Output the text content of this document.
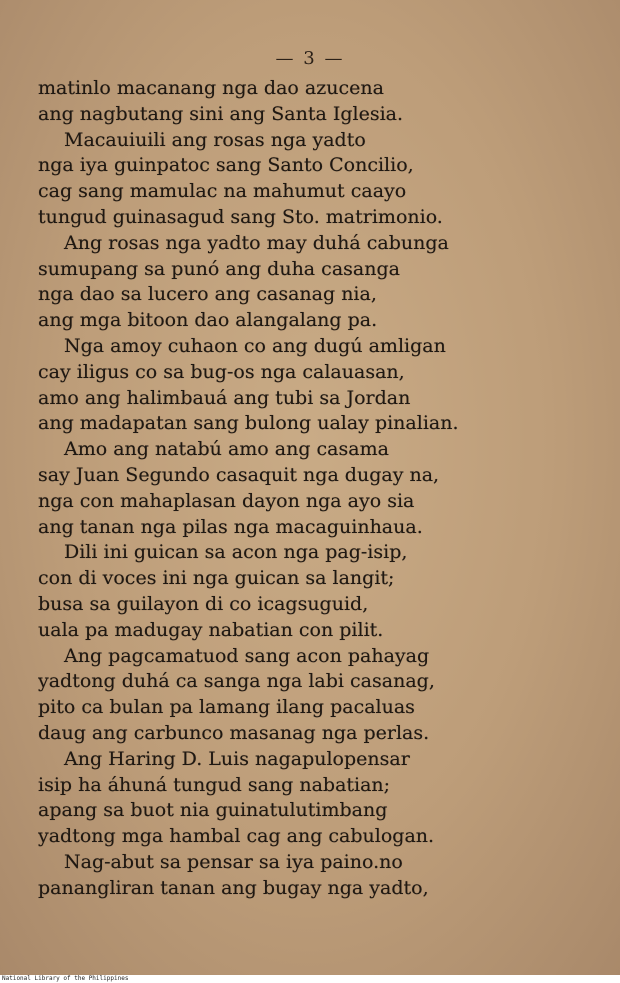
— 3 —
matinlo macanang nga dao azucena
ang nagbutang sini ang Santa Iglesia.
Macauiuili ang rosas nga yadto
nga iya guinpatoc sang Santo Concilio,
cag sang mamulac na mahumut caayo
tungud guinasagud sang Sto. matrimonio.
Ang rosas nga yadto may duhá cabunga
sumupang sa punó ang duha casanga
nga dao sa lucero ang casanag nia,
ang mga bitoon dao alangalang pa.
Nga amoy cuhaon co ang dugú amligan
cay iligus co sa bug-os nga calauasan,
amo ang halimbauá ang tubi sa Jordan
ang madapatan sang bulong ualay pinalian.
Amo ang natabú amo ang casama
say Juan Segundo casaquit nga dugay na,
nga con mahaplasan dayon nga ayo sia
ang tanan nga pilas nga macaguinhaua.
Dili ini guican sa acon nga pag-isip,
con di voces ini nga guican sa langit;
busa sa guilayon di co icagsuguid,
uala pa madugay nabatian con pilit.
Ang pagcamatuod sang acon pahayag
yadtong duhá ca sanga nga labi casanag,
pito ca bulan pa lamang ilang pacaluas
daug ang carbunco masanag nga perlas.
Ang Haring D. Luis nagapulopensar
isip ha áhuná tungud sang nabatian;
apang sa buot nia guinatulutimbang
yadtong mga hambal cag ang cabulogan.
Nag-abut sa pensar sa iya paino.no
panangliran tanan ang bugay nga yadto,
National Library of the Philippines
